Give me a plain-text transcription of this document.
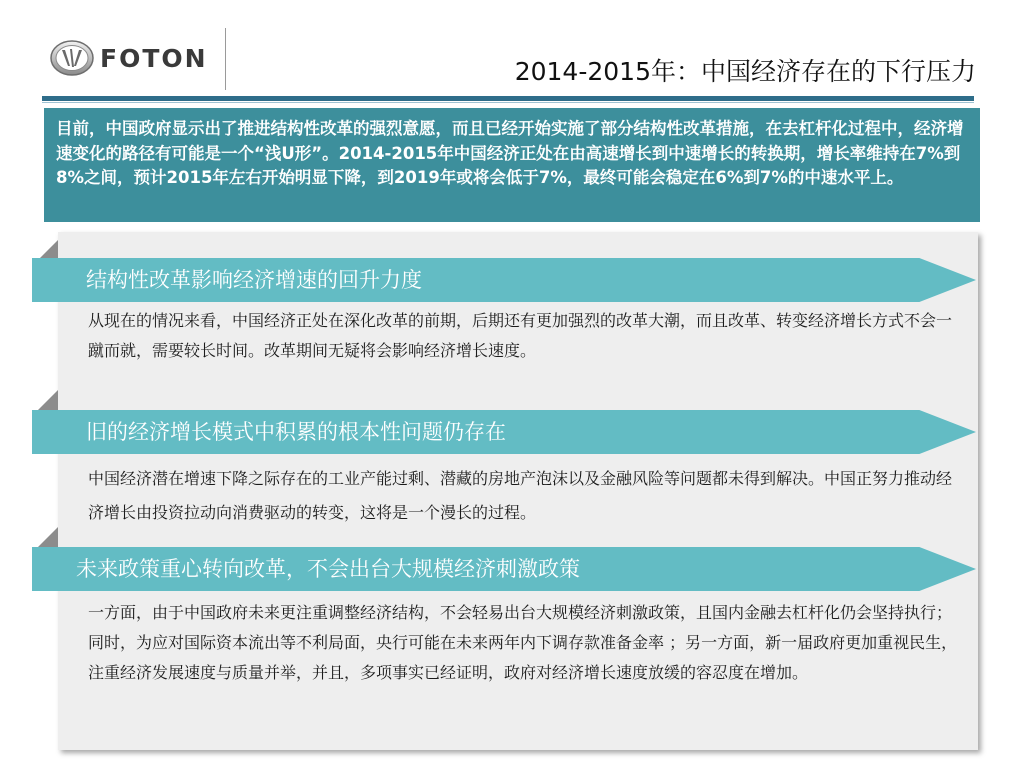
FOTON	2014-2015年：中国经济存在的下行压力

目前，中国政府显示出了推进结构性改革的强烈意愿，而且已经开始实施了部分结构性改革措施，在去杠杆化过程中，经济增速变化的路径有可能是一个“浅U形”。2014-2015年中国经济正处在由高速增长到中速增长的转换期，增长率维持在7%到8%之间，预计2015年左右开始明显下降，到2019年或将会低于7%，最终可能会稳定在6%到7%的中速水平上。

结构性改革影响经济增速的回升力度

从现在的情况来看，中国经济正处在深化改革的前期，后期还有更加强烈的改革大潮，而且改革、转变经济增长方式不会一蹴而就，需要较长时间。改革期间无疑将会影响经济增长速度。

旧的经济增长模式中积累的根本性问题仍存在

中国经济潜在增速下降之际存在的工业产能过剩、潜藏的房地产泡沫以及金融风险等问题都未得到解决。中国正努力推动经济增长由投资拉动向消费驱动的转变，这将是一个漫长的过程。

未来政策重心转向改革，不会出台大规模经济刺激政策

一方面，由于中国政府未来更注重调整经济结构，不会轻易出台大规模经济刺激政策，且国内金融去杠杆化仍会坚持执行；同时，为应对国际资本流出等不利局面，央行可能在未来两年内下调存款准备金率 ；另一方面，新一届政府更加重视民生，注重经济发展速度与质量并举，并且，多项事实已经证明，政府对经济增长速度放缓的容忍度在增加。
